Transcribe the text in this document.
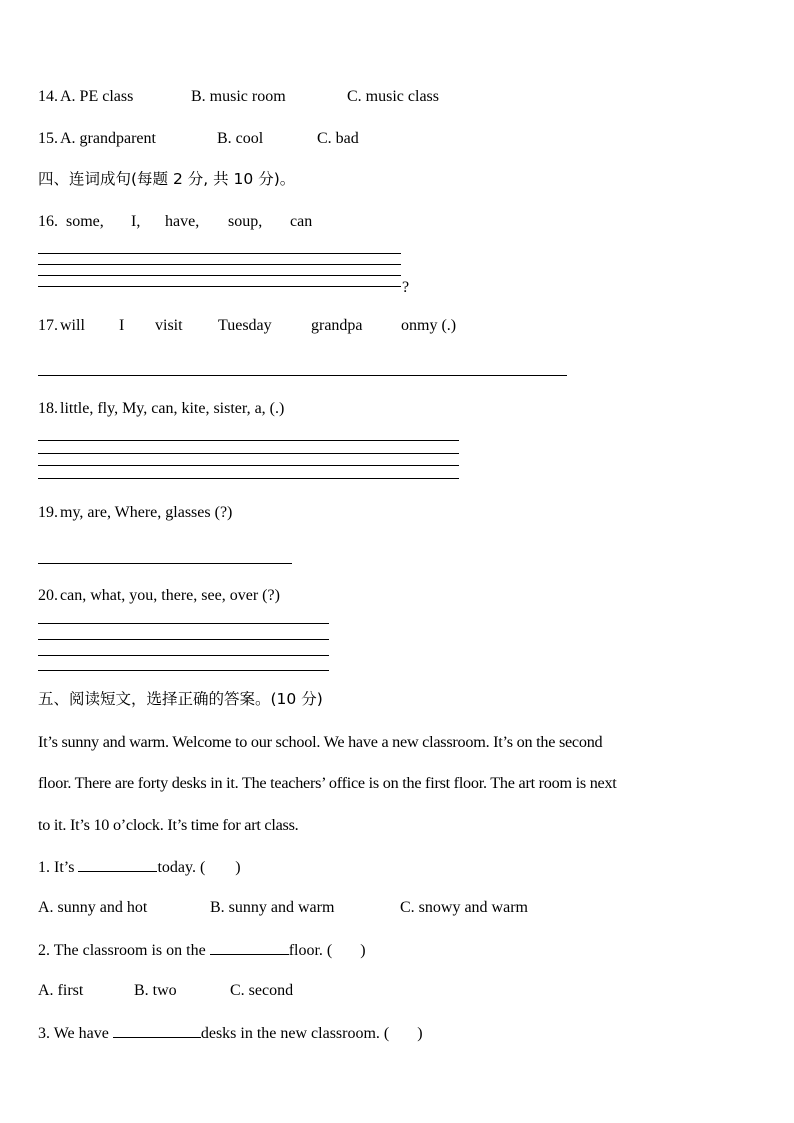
14. A. PE class	B. music room	C. music class
15. A. grandparent	B. cool	C. bad
四、连词成句(每题 2 分, 共 10 分)。
16. some, I, have, soup, can
?
17. will I visit Tuesday grandpa onmy (.)
18. little, fly, My, can, kite, sister, a, (.)
19. my, are, Where, glasses (?)
20. can, what, you, there, see, over (?)
五、阅读短文，选择正确的答案。(10 分)
It’s sunny and warm. Welcome to our school. We have a new classroom. It’s on the second
floor. There are forty desks in it. The teachers’ office is on the first floor. The art room is next
to it. It’s 10 o’clock. It’s time for art class.
1. It’s	today. ( )
A. sunny and hot	B. sunny and warm	C. snowy and warm
2. The classroom is on the	floor. ( )
A. first	B. two	C. second
3. We have	desks in the new classroom. ( )
